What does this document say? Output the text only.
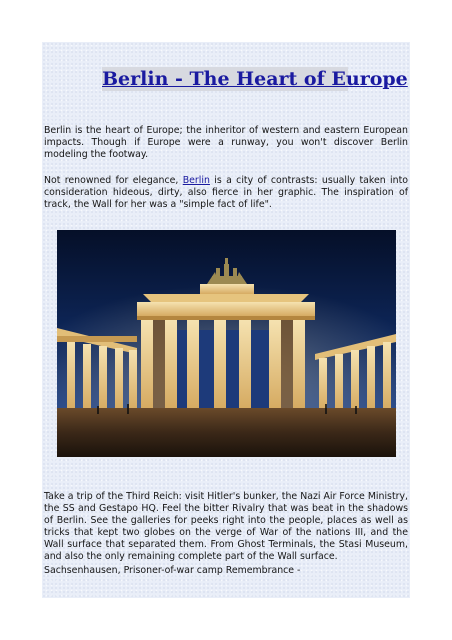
Berlin - The Heart of Europe

Berlin is the heart of Europe; the inheritor of western and eastern European impacts. Though if Europe were a runway, you won't discover Berlin modeling the footway.

Not renowned for elegance, Berlin is a city of contrasts: usually taken into consideration hideous, dirty, also fierce in her graphic. The inspiration of track, the Wall for her was a "simple fact of life".

Take a trip of the Third Reich: visit Hitler's bunker, the Nazi Air Force Ministry, the SS and Gestapo HQ. Feel the bitter Rivalry that was beat in the shadows of Berlin. See the galleries for peeks right into the people, places as well as tricks that kept two globes on the verge of War of the nations III, and the Wall surface that separated them. From Ghost Terminals, the Stasi Museum, and also the only remaining complete part of the Wall surface.

Sachsenhausen, Prisoner-of-war camp Remembrance -
